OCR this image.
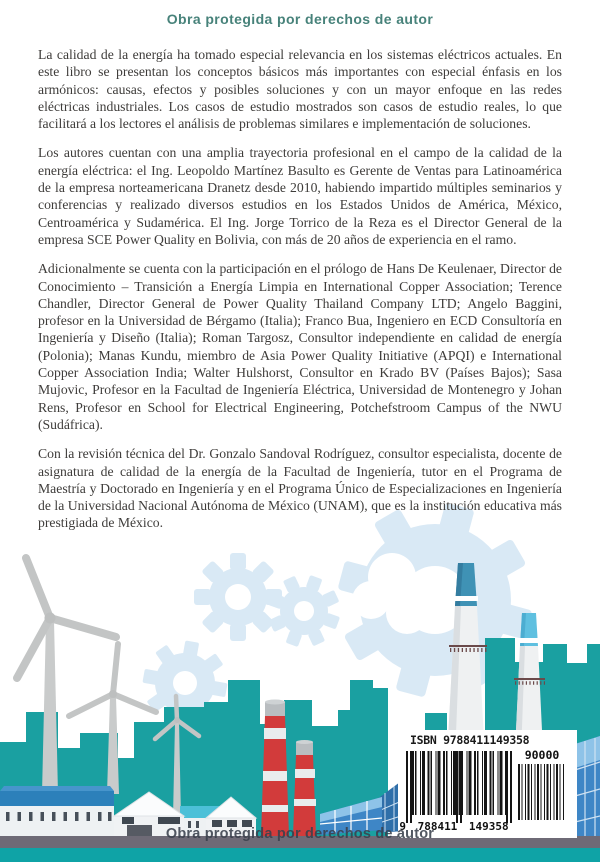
Obra protegida por derechos de autor

La calidad de la energía ha tomado especial relevancia en los sistemas eléctricos actuales. En este libro se presentan los conceptos básicos más importantes con especial énfasis en los armónicos: causas, efectos y posibles soluciones y con un mayor enfoque en las redes eléctricas industriales. Los casos de estudio mostrados son casos de estudio reales, lo que facilitará a los lectores el análisis de problemas similares e implementación de soluciones.

Los autores cuentan con una amplia trayectoria profesional en el campo de la calidad de la energía eléctrica: el Ing. Leopoldo Martínez Basulto es Gerente de Ventas para Latinoamérica de la empresa norteamericana Dranetz desde 2010, habiendo impartido múltiples seminarios y conferencias y realizado diversos estudios en los Estados Unidos de América, México, Centroamérica y Sudamérica. El Ing. Jorge Torrico de la Reza es el Director General de la empresa SCE Power Quality en Bolivia, con más de 20 años de experiencia en el ramo.

Adicionalmente se cuenta con la participación en el prólogo de Hans De Keulenaer, Director de Conocimiento – Transición a Energía Limpia en International Copper Association; Terence Chandler, Director General de Power Quality Thailand Company LTD; Angelo Baggini, profesor en la Universidad de Bérgamo (Italia); Franco Bua, Ingeniero en ECD Consultoría en Ingeniería y Diseño (Italia); Roman Targosz, Consultor independiente en calidad de energía (Polonia); Manas Kundu, miembro de Asia Power Quality Initiative (APQI) e International Copper Association India; Walter Hulshorst, Consultor en Krado BV (Países Bajos); Sasa Mujovic, Profesor en la Facultad de Ingeniería Eléctrica, Universidad de Montenegro y Johan Rens, Profesor en School for Electrical Engineering, Potchefstroom Campus of the NWU (Sudáfrica).

Con la revisión técnica del Dr. Gonzalo Sandoval Rodríguez, consultor especialista, docente de asignatura de calidad de la energía de la Facultad de Ingeniería, tutor en el Programa de Maestría y Doctorado en Ingeniería y en el Programa Único de Especializaciones en Ingeniería de la Universidad Nacional Autónoma de México (UNAM), que es la institución educativa más prestigiada de México.

ISBN 9788411149358
90000
9 788411 149358
Obra protegida por derechos de autor
